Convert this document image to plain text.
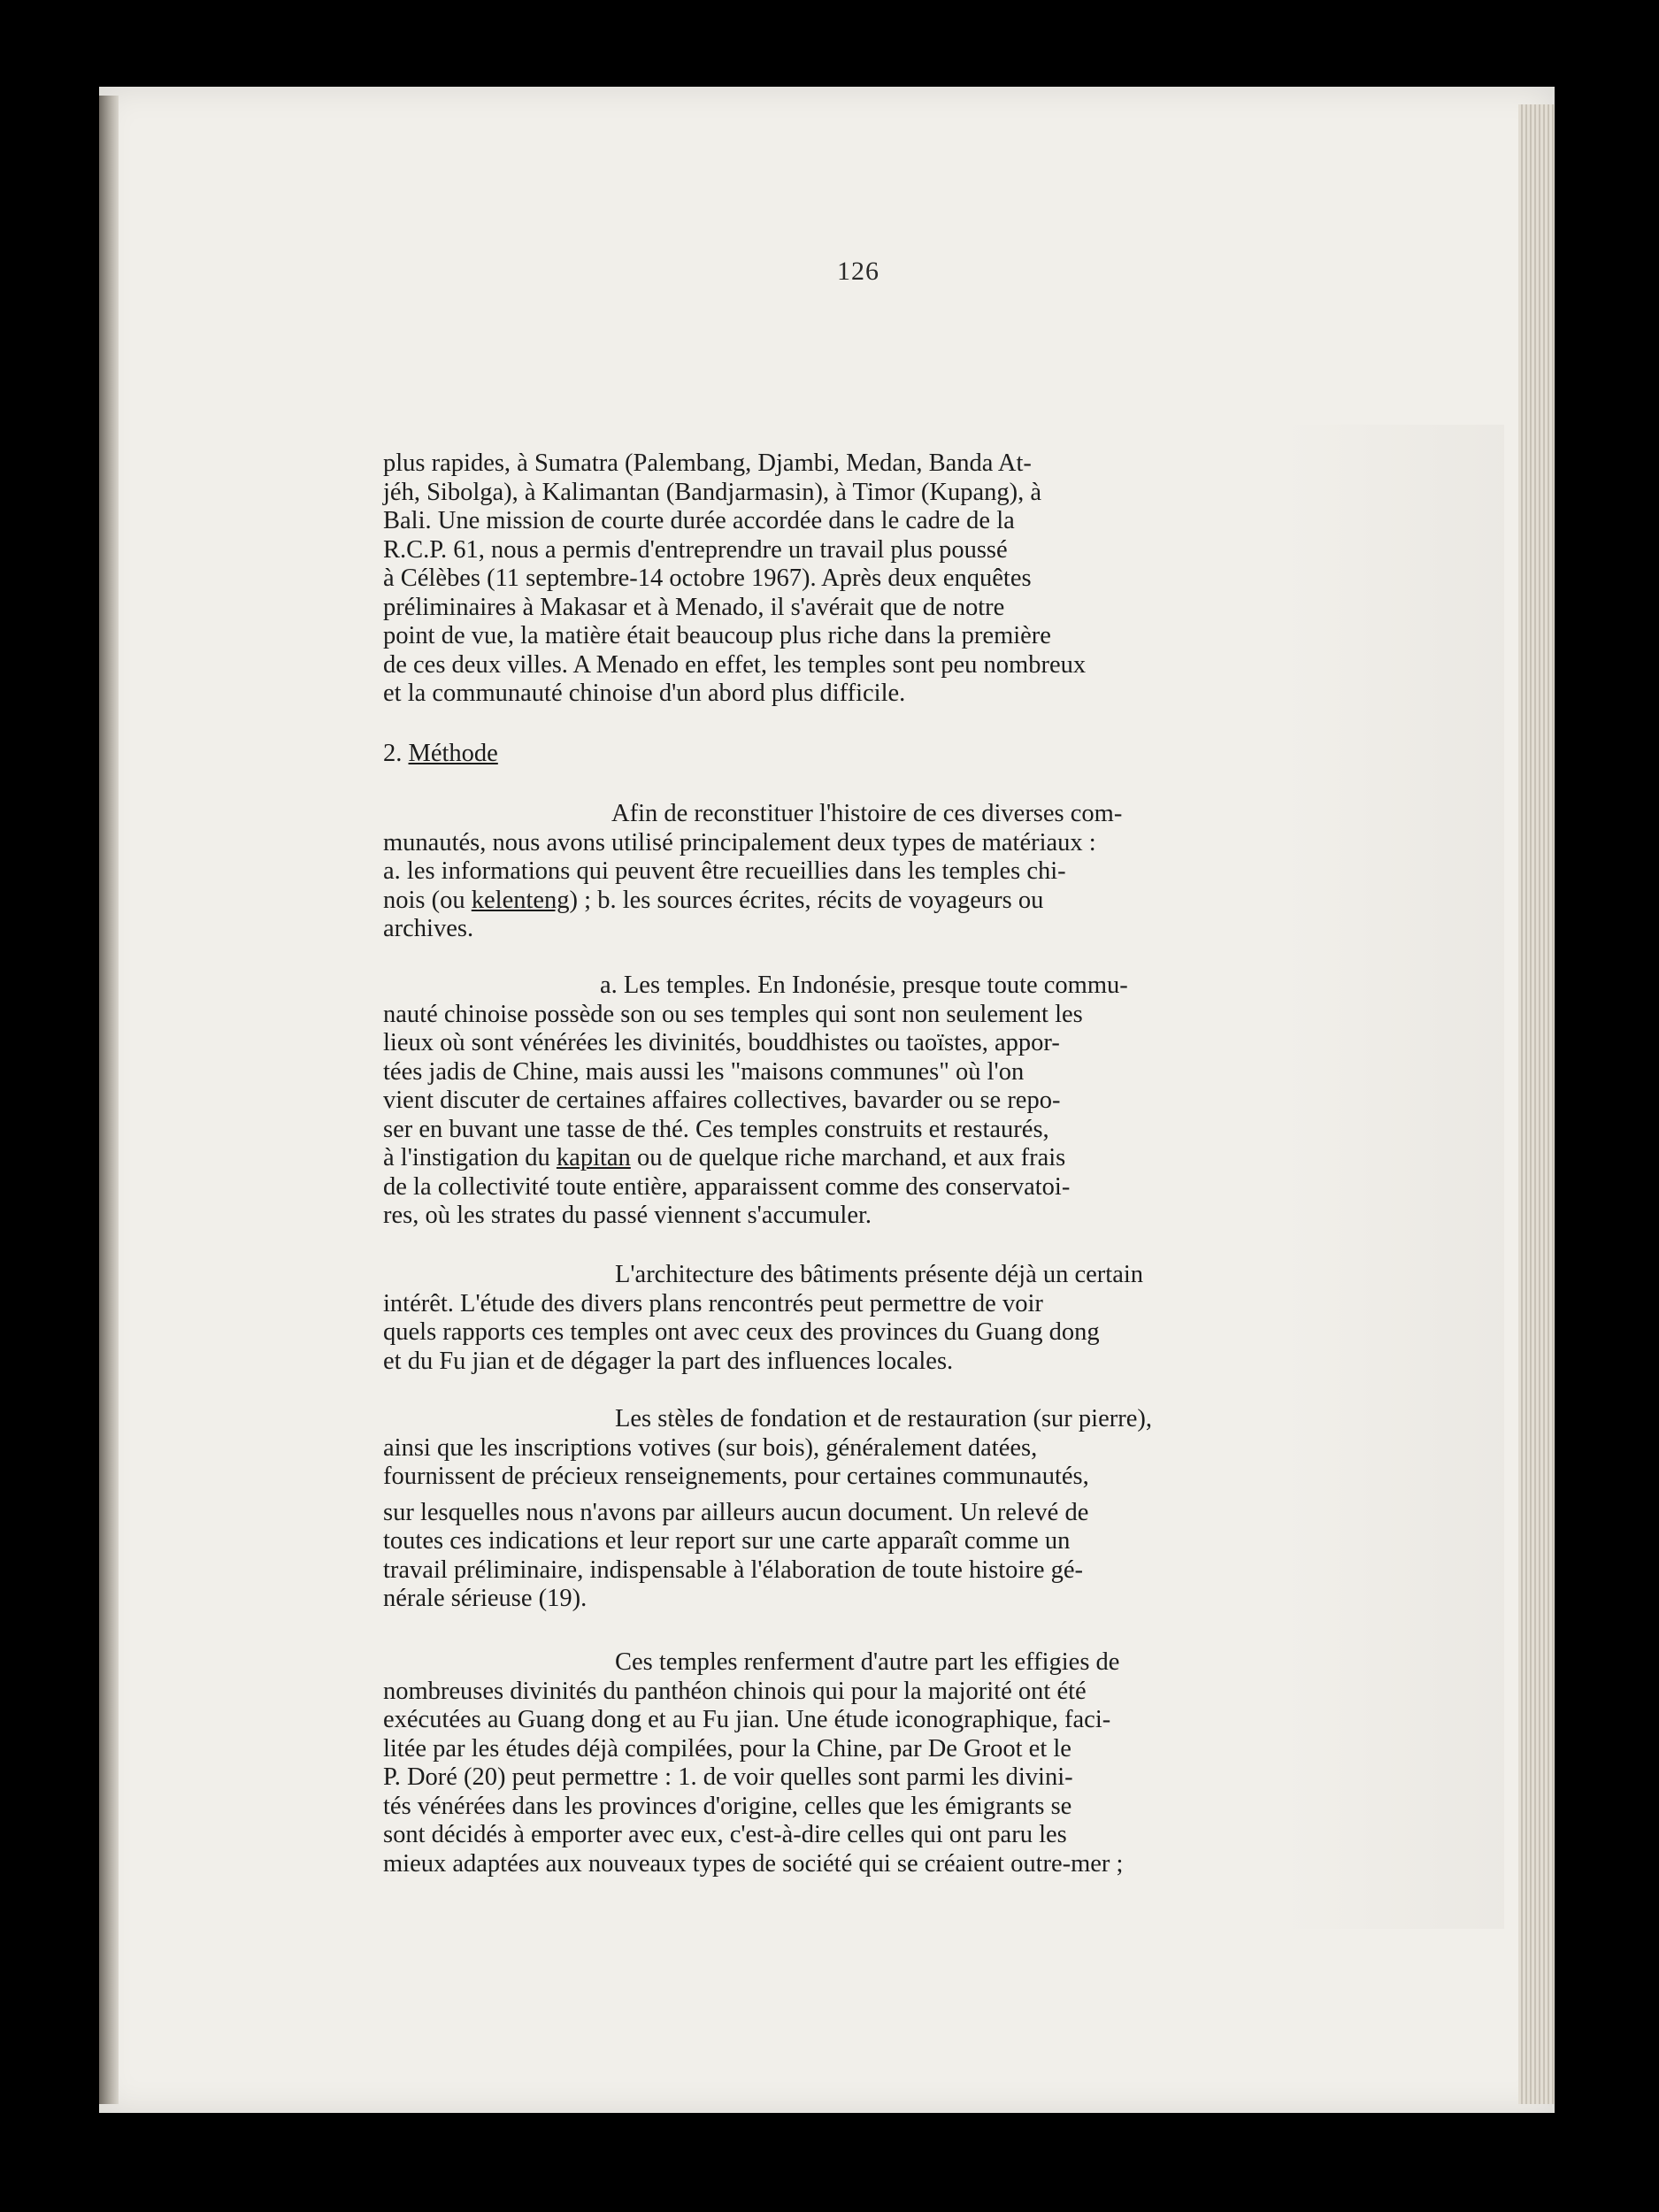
126
plus rapides, à Sumatra (Palembang, Djambi, Medan, Banda At-
jéh, Sibolga), à Kalimantan (Bandjarmasin), à Timor (Kupang), à
Bali. Une mission de courte durée accordée dans le cadre de la
R.C.P. 61, nous a permis d'entreprendre un travail plus poussé
à Célèbes (11 septembre-14 octobre 1967). Après deux enquêtes
préliminaires à Makasar et à Menado, il s'avérait que de notre
point de vue, la matière était beaucoup plus riche dans la première
de ces deux villes. A Menado en effet, les temples sont peu nombreux
et la communauté chinoise d'un abord plus difficile.
2. Méthode
Afin de reconstituer l'histoire de ces diverses com-
munautés, nous avons utilisé principalement deux types de matériaux :
a. les informations qui peuvent être recueillies dans les temples chi-
nois (ou kelenteng) ; b. les sources écrites, récits de voyageurs ou
archives.
a. Les temples. En Indonésie, presque toute commu-
nauté chinoise possède son ou ses temples qui sont non seulement les
lieux où sont vénérées les divinités, bouddhistes ou taoïstes, appor-
tées jadis de Chine, mais aussi les "maisons communes" où l'on
vient discuter de certaines affaires collectives, bavarder ou se repo-
ser en buvant une tasse de thé. Ces temples construits et restaurés,
à l'instigation du kapitan ou de quelque riche marchand, et aux frais
de la collectivité toute entière, apparaissent comme des conservatoi-
res, où les strates du passé viennent s'accumuler.
L'architecture des bâtiments présente déjà un certain
intérêt. L'étude des divers plans rencontrés peut permettre de voir
quels rapports ces temples ont avec ceux des provinces du Guang dong
et du Fu jian et de dégager la part des influences locales.
Les stèles de fondation et de restauration (sur pierre),
ainsi que les inscriptions votives (sur bois), généralement datées,
fournissent de précieux renseignements, pour certaines communautés,
sur lesquelles nous n'avons par ailleurs aucun document. Un relevé de
toutes ces indications et leur report sur une carte apparaît comme un
travail préliminaire, indispensable à l'élaboration de toute histoire gé-
nérale sérieuse (19).
Ces temples renferment d'autre part les effigies de
nombreuses divinités du panthéon chinois qui pour la majorité ont été
exécutées au Guang dong et au Fu jian. Une étude iconographique, faci-
litée par les études déjà compilées, pour la Chine, par De Groot et le
P. Doré (20) peut permettre : 1. de voir quelles sont parmi les divini-
tés vénérées dans les provinces d'origine, celles que les émigrants se
sont décidés à emporter avec eux, c'est-à-dire celles qui ont paru les
mieux adaptées aux nouveaux types de société qui se créaient outre-mer ;
